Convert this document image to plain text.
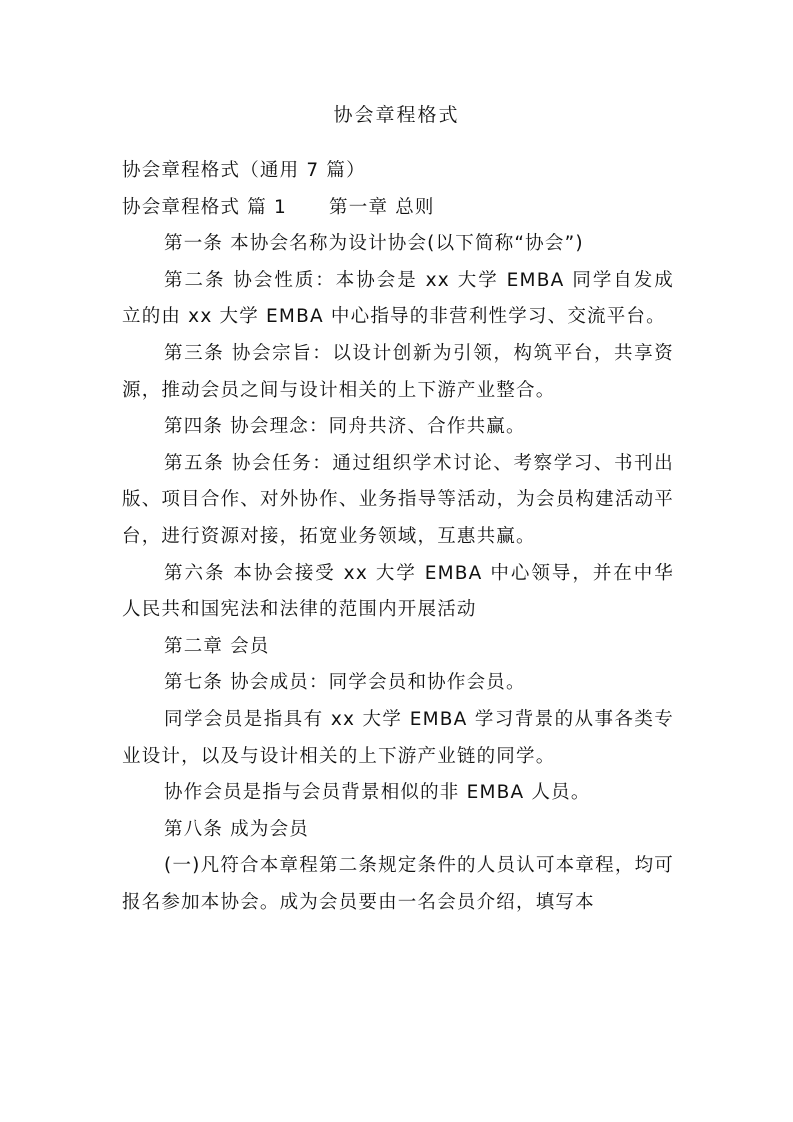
协会章程格式

协会章程格式（通用 7 篇）

协会章程格式 篇 1 第一章 总则

第一条 本协会名称为设计协会(以下简称“协会”)

第二条 协会性质：本协会是 xx 大学 EMBA 同学自发成立的由 xx 大学 EMBA 中心指导的非营利性学习、交流平台。

第三条 协会宗旨：以设计创新为引领，构筑平台，共享资源，推动会员之间与设计相关的上下游产业整合。

第四条 协会理念：同舟共济、合作共赢。

第五条 协会任务：通过组织学术讨论、考察学习、书刊出版、项目合作、对外协作、业务指导等活动，为会员构建活动平台，进行资源对接，拓宽业务领域，互惠共赢。

第六条 本协会接受 xx 大学 EMBA 中心领导，并在中华人民共和国宪法和法律的范围内开展活动

第二章 会员

第七条 协会成员：同学会员和协作会员。

同学会员是指具有 xx 大学 EMBA 学习背景的从事各类专业设计，以及与设计相关的上下游产业链的同学。

协作会员是指与会员背景相似的非 EMBA 人员。

第八条 成为会员

(一)凡符合本章程第二条规定条件的人员认可本章程，均可报名参加本协会。成为会员要由一名会员介绍，填写本
